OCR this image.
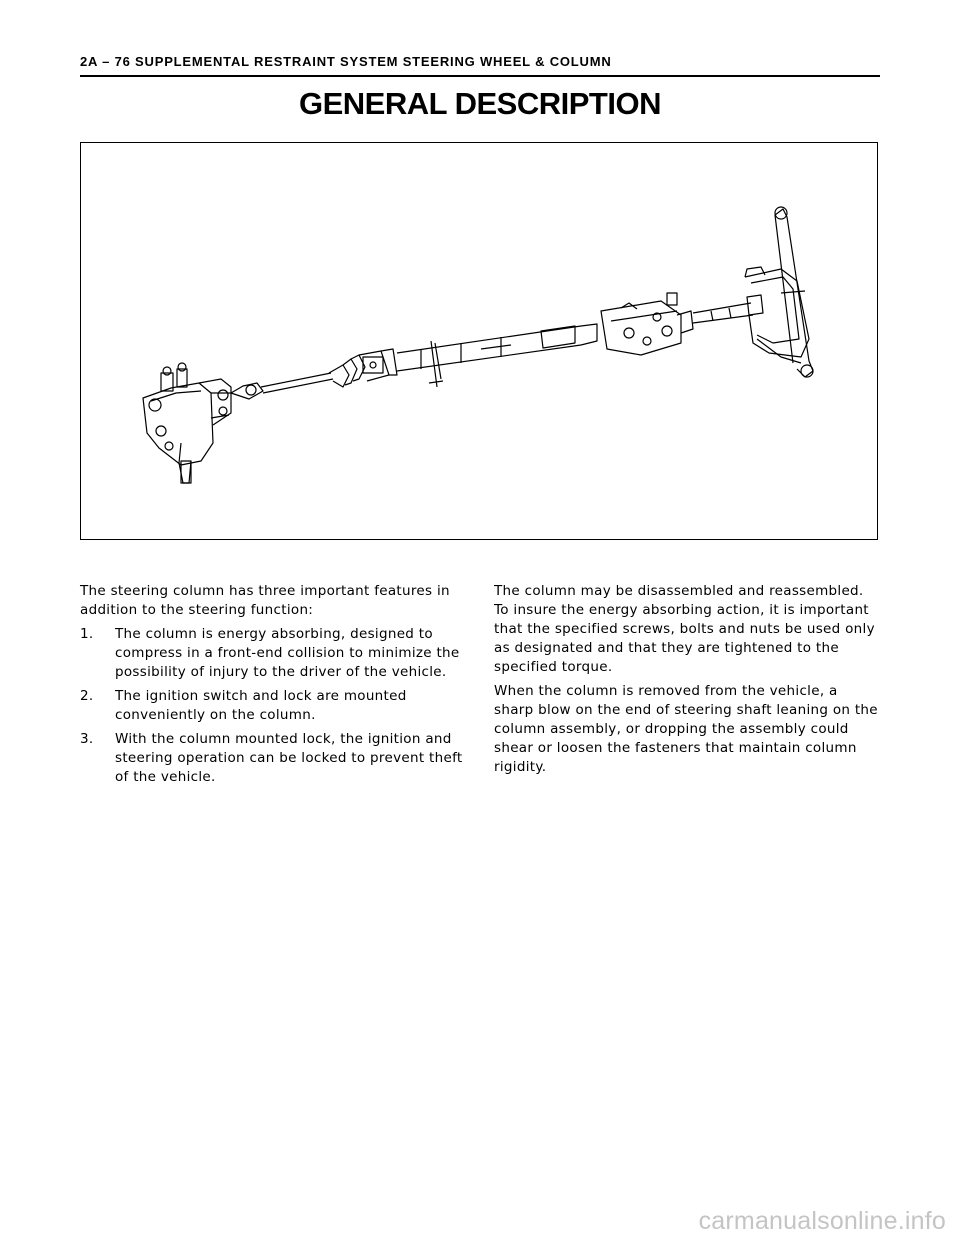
2A – 76 SUPPLEMENTAL RESTRAINT SYSTEM STEERING WHEEL & COLUMN
GENERAL DESCRIPTION

The steering column has three important features in addition to the steering function:

1. The column is energy absorbing, designed to compress in a front-end collision to minimize the possibility of injury to the driver of the vehicle.
2. The ignition switch and lock are mounted conveniently on the column.
3. With the column mounted lock, the ignition and steering operation can be locked to prevent theft of the vehicle.

The column may be disassembled and reassembled. To insure the energy absorbing action, it is important that the specified screws, bolts and nuts be used only as designated and that they are tightened to the specified torque.

When the column is removed from the vehicle, a sharp blow on the end of steering shaft leaning on the column assembly, or dropping the assembly could shear or loosen the fasteners that maintain column rigidity.

carmanualsonline.info
